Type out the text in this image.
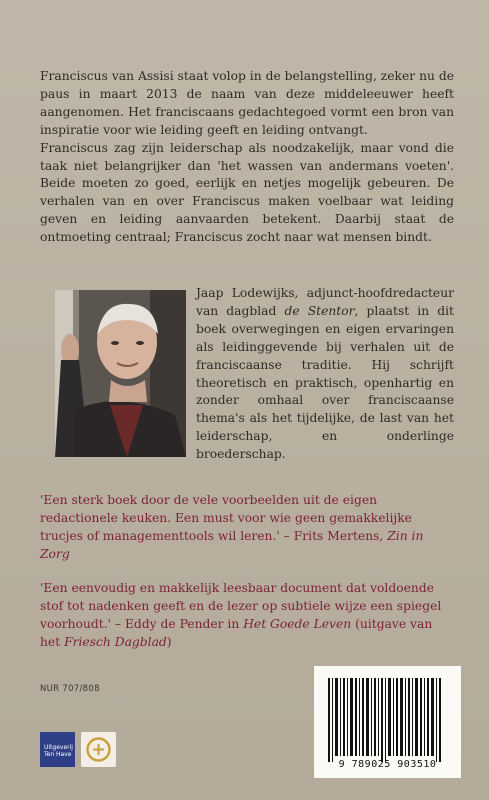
Franciscus van Assisi staat volop in de belangstelling, zeker nu de paus in maart 2013 de naam van deze middeleeuwer heeft aangenomen. Het franciscaans gedachtegoed vormt een bron van inspiratie voor wie leiding geeft en leiding ontvangt.

Franciscus zag zijn leiderschap als noodzakelijk, maar vond die taak niet belangrijker dan 'het wassen van andermans voeten'. Beide moeten zo goed, eerlijk en netjes mogelijk gebeuren. De verhalen van en over Franciscus maken voelbaar wat leiding geven en leiding aanvaarden betekent. Daarbij staat de ontmoeting centraal; Franciscus zocht naar wat mensen bindt.

Jaap Lodewijks, adjunct-hoofdredacteur van dagblad de Stentor, plaatst in dit boek overwegingen en eigen ervaringen als leidinggevende bij verhalen uit de franciscaanse traditie. Hij schrijft theoretisch en praktisch, openhartig en zonder omhaal over franciscaanse thema's als het tijdelijke, de last van het leiderschap, en onderlinge broederschap.

'Een sterk boek door de vele voorbeelden uit de eigen redactionele keuken. Een must voor wie geen gemakkelijke trucjes of managementtools wil leren.' – Frits Mertens, Zin in Zorg

'Een eenvoudig en makkelijk leesbaar document dat voldoende stof tot nadenken geeft en de lezer op subtiele wijze een spiegel voorhoudt.' – Eddy de Pender in Het Goede Leven (uitgave van het Friesch Dagblad)

NUR 707/808
Uitgeverij Ten Have
9 789025 903510
